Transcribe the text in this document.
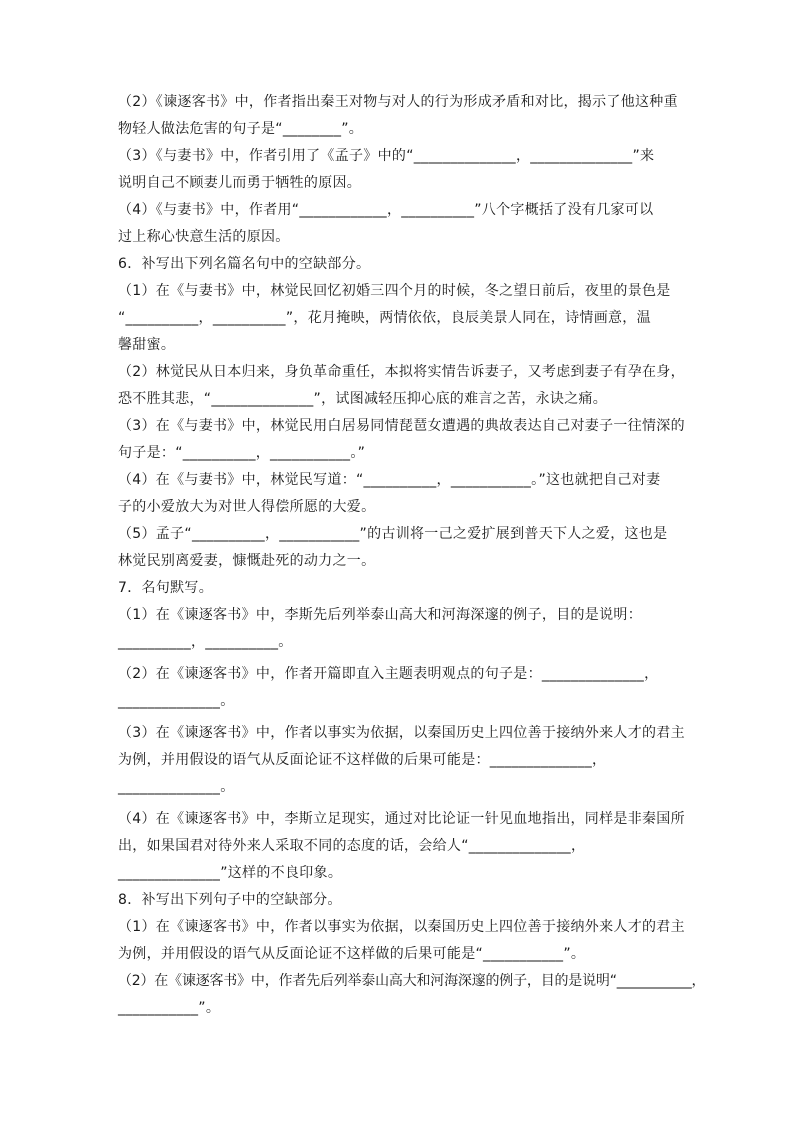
（2）《谏逐客书》中，作者指出秦王对物与对人的行为形成矛盾和对比，揭示了他这种重
物轻人做法危害的句子是“________”。
（3）《与妻书》中，作者引用了《孟子》中的“______________，______________”来
说明自己不顾妻儿而勇于牺牲的原因。
（4）《与妻书》中，作者用“____________，__________”八个字概括了没有几家可以
过上称心快意生活的原因。
6．补写出下列名篇名句中的空缺部分。
（1）在《与妻书》中，林觉民回忆初婚三四个月的时候，冬之望日前后，夜里的景色是
“__________，__________”，花月掩映，两情依依，良辰美景人同在，诗情画意，温
馨甜蜜。
（2）林觉民从日本归来，身负革命重任，本拟将实情告诉妻子，又考虑到妻子有孕在身，
恐不胜其悲，“______________”，试图减轻压抑心底的难言之苦，永诀之痛。
（3）在《与妻书》中，林觉民用白居易同情琵琶女遭遇的典故表达自己对妻子一往情深的
句子是：“__________，___________。”
（4）在《与妻书》中，林觉民写道：“__________，___________。”这也就把自己对妻
子的小爱放大为对世人得偿所愿的大爱。
（5）孟子“__________，___________”的古训将一己之爱扩展到普天下人之爱，这也是
林觉民别离爱妻，慷慨赴死的动力之一。
7．名句默写。
（1）在《谏逐客书》中，李斯先后列举泰山高大和河海深邃的例子，目的是说明：
__________，__________。
（2）在《谏逐客书》中，作者开篇即直入主题表明观点的句子是：______________，
______________。
（3）在《谏逐客书》中，作者以事实为依据，以秦国历史上四位善于接纳外来人才的君主
为例，并用假设的语气从反面论证不这样做的后果可能是：______________，
______________。
（4）在《谏逐客书》中，李斯立足现实，通过对比论证一针见血地指出，同样是非秦国所
出，如果国君对待外来人采取不同的态度的话，会给人“______________，
______________”这样的不良印象。
8．补写出下列句子中的空缺部分。
（1）在《谏逐客书》中，作者以事实为依据，以秦国历史上四位善于接纳外来人才的君主
为例，并用假设的语气从反面论证不这样做的后果可能是“___________”。
（2）在《谏逐客书》中，作者先后列举泰山高大和河海深邃的例子，目的是说明“___________，
___________”。
